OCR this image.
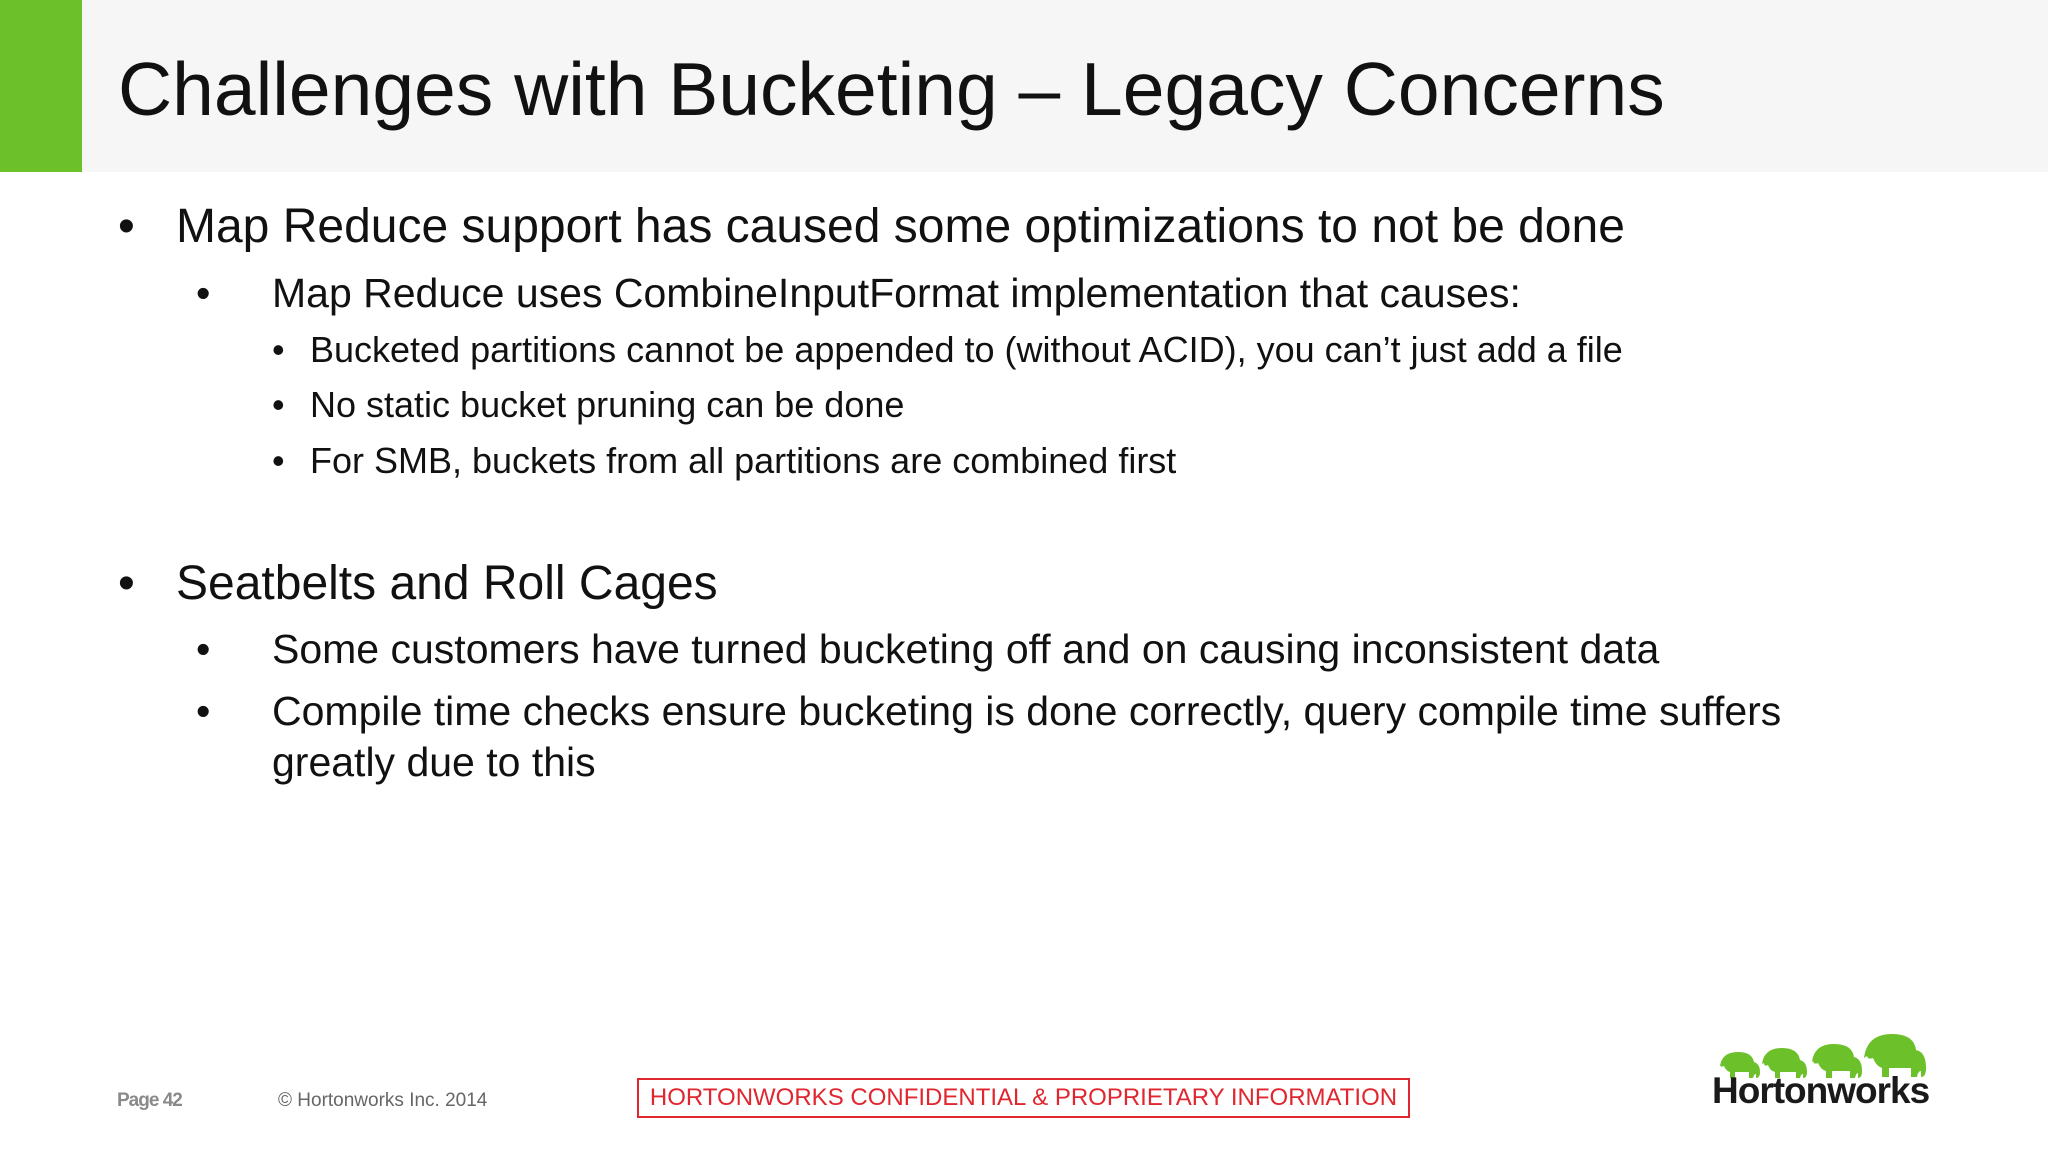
Challenges with Bucketing – Legacy Concerns
• Map Reduce support has caused some optimizations to not be done
• Map Reduce uses CombineInputFormat implementation that causes:
• Bucketed partitions cannot be appended to (without ACID), you can’t just add a file
• No static bucket pruning can be done
• For SMB, buckets from all partitions are combined first
• Seatbelts and Roll Cages
• Some customers have turned bucketing off and on causing inconsistent data
• Compile time checks ensure bucketing is done correctly, query compile time suffers
greatly due to this
Page 42	© Hortonworks Inc. 2014	HORTONWORKS CONFIDENTIAL & PROPRIETARY INFORMATION	Hortonworks
